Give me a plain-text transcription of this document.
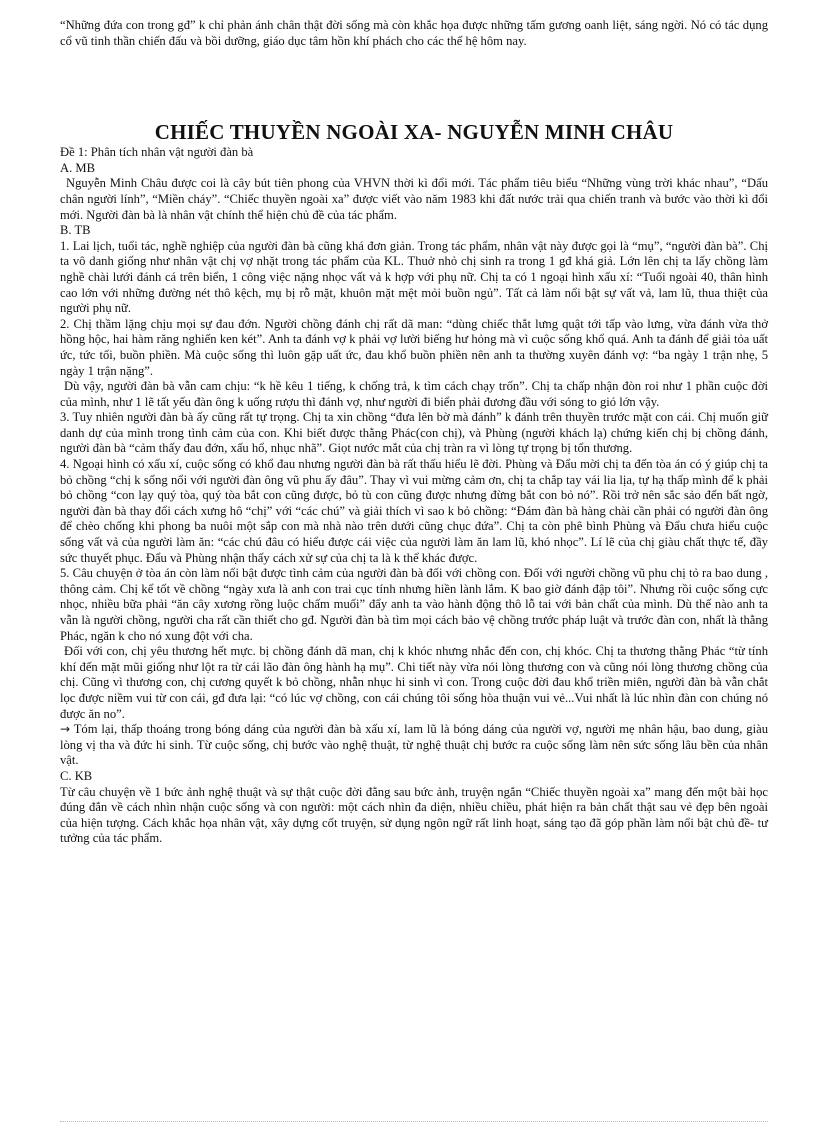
“Những đứa con trong gđ” k chỉ phản ánh chân thật đời sống mà còn khắc họa được những tấm gương oanh liệt, sáng ngời. Nó có tác dụng cổ vũ tinh thần chiến đấu và bồi dưỡng, giáo dục tâm hồn khí phách cho các thế hệ hôm nay.

CHIẾC THUYỀN NGOÀI XA- NGUYỄN MINH CHÂU

Đề 1: Phân tích nhân vật người đàn bà

A. MB

Nguyễn Minh Châu được coi là cây bút tiên phong của VHVN thời kì đổi mới. Tác phẩm tiêu biểu “Những vùng trời khác nhau”, “Dấu chân người lính”, “Miền cháy”. “Chiếc thuyền ngoài xa” được viết vào năm 1983 khi đất nước trải qua chiến tranh và bước vào thời kì đổi mới. Người đàn bà là nhân vật chính thể hiện chủ đề của tác phẩm.

B. TB

1. Lai lịch, tuổi tác, nghề nghiệp của người đàn bà cũng khá đơn giản. Trong tác phẩm, nhân vật này được gọi là “mụ”, “người đàn bà”. Chị ta vô danh giống như nhân vật chị vợ nhặt trong tác phẩm của KL. Thuở nhỏ chị sinh ra trong 1 gđ khá giả. Lớn lên chị ta lấy chồng làm nghề chài lưới đánh cá trên biển, 1 công việc nặng nhọc vất vả k hợp với phụ nữ. Chị ta có 1 ngoại hình xấu xí: “Tuổi ngoài 40, thân hình cao lớn với những đường nét thô kệch, mụ bị rỗ mặt, khuôn mặt mệt mỏi buồn ngủ”. Tất cả làm nổi bật sự vất vả, lam lũ, thua thiệt của người phụ nữ.

2. Chị thầm lặng chịu mọi sự đau đớn. Người chồng đánh chị rất dã man: “dùng chiếc thắt lưng quật tới tấp vào lưng, vừa đánh vừa thở hồng hộc, hai hàm răng nghiến ken két”. Anh ta đánh vợ k phải vợ lười biếng hư hỏng mà vì cuộc sống khổ quá. Anh ta đánh để giải tỏa uất ức, tức tối, buồn phiền. Mà cuộc sống thì luôn gặp uất ức, đau khổ buồn phiền nên anh ta thường xuyên đánh vợ: “ba ngày 1 trận nhẹ, 5 ngày 1 trận nặng”.

Dù vậy, người đàn bà vẫn cam chịu: “k hề kêu 1 tiếng, k chống trả, k tìm cách chạy trốn”. Chị ta chấp nhận đòn roi như 1 phần cuộc đời của mình, như 1 lẽ tất yếu đàn ông k uống rượu thì đánh vợ, như người đi biển phải đương đầu với sóng to gió lớn vậy.

3. Tuy nhiên người đàn bà ấy cũng rất tự trọng. Chị ta xin chồng “đưa lên bờ mà đánh” k đánh trên thuyền trước mặt con cái. Chị muốn giữ danh dự của mình trong tình cảm của con. Khi biết được thằng Phác(con chị), và Phùng (người khách lạ) chứng kiến chị bị chồng đánh, người đàn bà “cảm thấy đau đớn, xấu hổ, nhục nhã”. Giọt nước mắt của chị tràn ra vì lòng tự trọng bị tổn thương.

4. Ngoại hình có xấu xí, cuộc sống có khổ đau nhưng người đàn bà rất thấu hiểu lẽ đời. Phùng và Đẩu mời chị ta đến tòa án có ý giúp chị ta bỏ chồng “chị k sống nổi với người đàn ông vũ phu ấy đâu”. Thay vì vui mừng cảm ơn, chị ta chắp tay vái lia lịa, tự hạ thấp mình để k phải bỏ chồng “con lạy quý tòa, quý tòa bắt con cũng được, bỏ tù con cũng được nhưng đừng bắt con bỏ nó”. Rồi trở nên sắc sảo đến bất ngờ, người đàn bà thay đổi cách xưng hô “chị” với “các chú” và giải thích vì sao k bỏ chồng: “Đám đàn bà hàng chài cần phải có người đàn ông để chèo chống khi phong ba nuôi một sắp con mà nhà nào trên dưới cũng chục đứa”. Chị ta còn phê bình Phùng và Đẩu chưa hiểu cuộc sống vất vả của người làm ăn: “các chú đâu có hiểu được cái việc của người làm ăn lam lũ, khó nhọc”. Lí lẽ của chị giàu chất thực tế, đầy sức thuyết phục. Đẩu và Phùng nhận thấy cách xử sự của chị ta là k thể khác được.

5. Câu chuyện ở tòa án còn làm nổi bật được tình cảm của người đàn bà đối với chồng con. Đối với người chồng vũ phu chị tỏ ra bao dung , thông cảm. Chị kể tốt về chồng “ngày xưa là anh con trai cục tính nhưng hiền lành lắm. K bao giờ đánh đập tôi”. Nhưng rồi cuộc sống cực nhọc, nhiều bữa phải “ăn cây xương rồng luộc chấm muối” đẩy anh ta vào hành động thô lỗ tai với bản chất của mình. Dù thế nào anh ta vẫn là người chồng, người cha rất cần thiết cho gđ. Người đàn bà tìm mọi cách bảo vệ chồng trước pháp luật và trước đàn con, nhất là thằng Phác, ngăn k cho nó xung đột với cha.

Đối với con, chị yêu thương hết mực. bị chồng đánh dã man, chị k khóc nhưng nhắc đến con, chị khóc. Chị ta thương thằng Phác “từ tính khí đến mặt mũi giống như lột ra từ cái lão đàn ông hành hạ mụ”. Chi tiết này vừa nói lòng thương con và cũng nói lòng thương chồng của chị. Cũng vì thương con, chị cương quyết k bỏ chồng, nhẫn nhục hi sinh vì con. Trong cuộc đời đau khổ triền miên, người đàn bà vẫn chắt lọc được niềm vui từ con cái, gđ đưa lại: “có lúc vợ chồng, con cái chúng tôi sống hòa thuận vui vẻ...Vui nhất là lúc nhìn đàn con chúng nó được ăn no”.

→ Tóm lại, thấp thoáng trong bóng dáng của người đàn bà xấu xí, lam lũ là bóng dáng của người vợ, người mẹ nhân hậu, bao dung, giàu lòng vị tha và đức hi sinh. Từ cuộc sống, chị bước vào nghệ thuật, từ nghệ thuật chị bước ra cuộc sống làm nên sức sống lâu bền của nhân vật.

C. KB

Từ câu chuyện về 1 bức ảnh nghệ thuật và sự thật cuộc đời đằng sau bức ảnh, truyện ngắn “Chiếc thuyền ngoài xa” mang đến một bài học đúng đắn về cách nhìn nhận cuộc sống và con người: một cách nhìn đa diện, nhiều chiều, phát hiện ra bản chất thật sau vẻ đẹp bên ngoài của hiện tượng. Cách khắc họa nhân vật, xây dựng cốt truyện, sử dụng ngôn ngữ rất linh hoạt, sáng tạo đã góp phần làm nổi bật chủ đề- tư tưởng của tác phẩm.
